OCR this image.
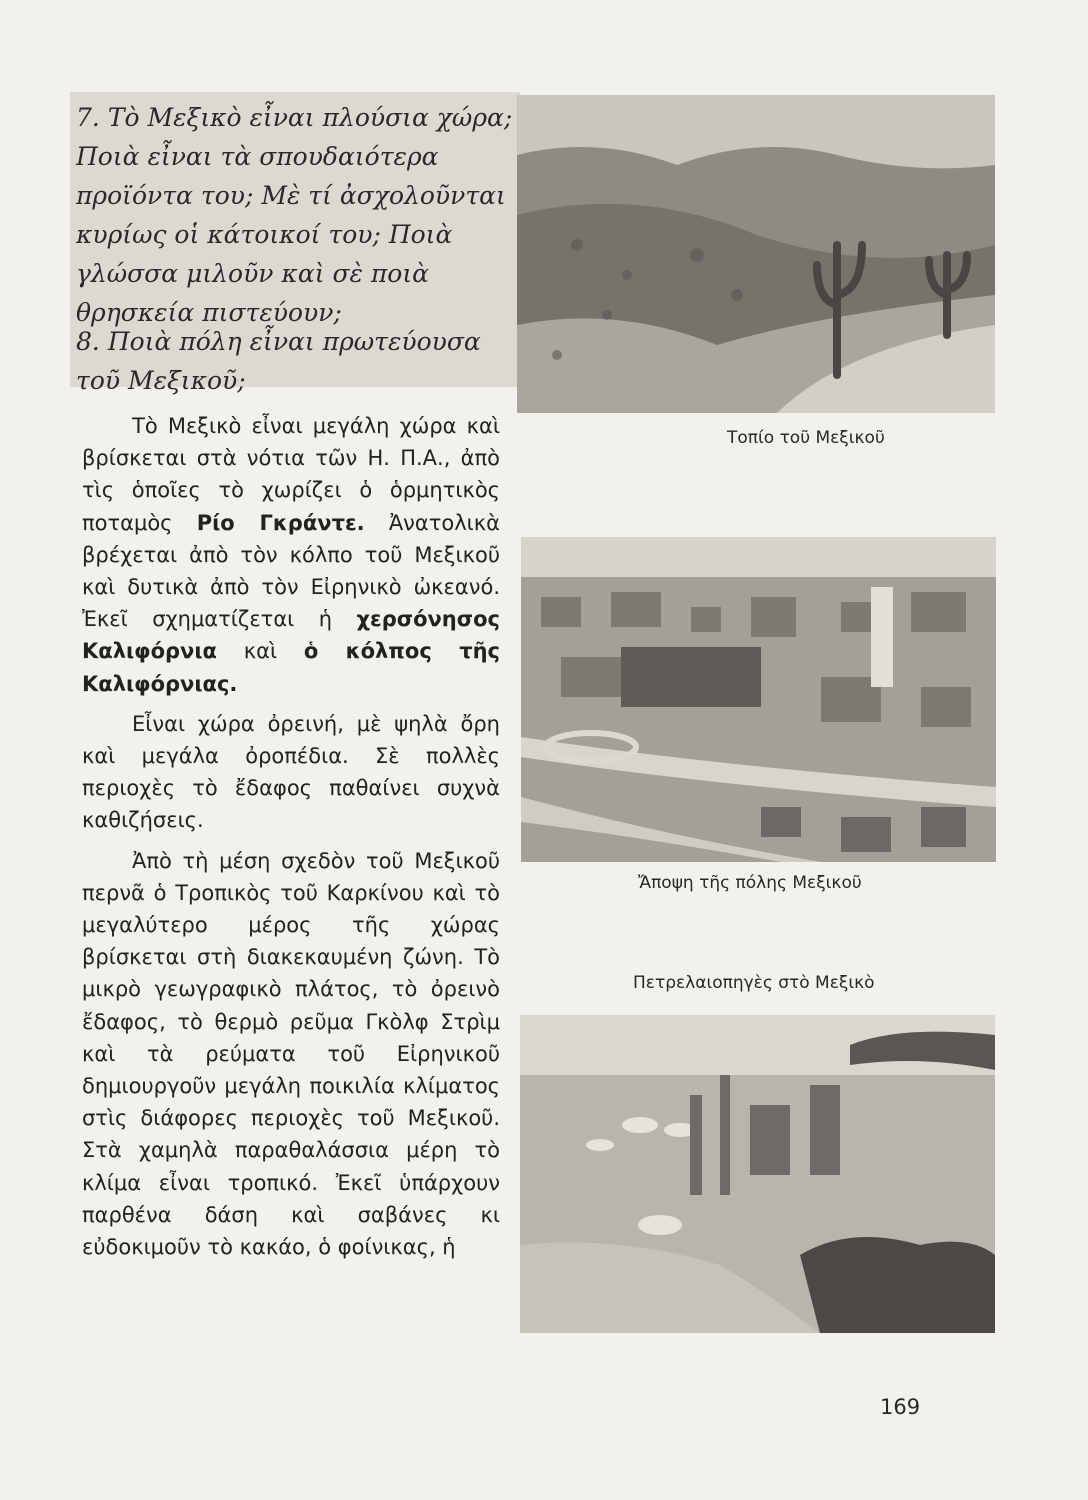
7. Τὸ Μεξικὸ εἶναι πλούσια χώρα; Ποιὰ εἶναι τὰ σπουδαιότερα προϊόντα του; Μὲ τί ἀσχολοῦνται κυρίως οἱ κάτοικοί του; Ποιὰ γλώσσα μιλοῦν καὶ σὲ ποιὰ θρησκεία πιστεύουν;
8. Ποιὰ πόλη εἶναι πρωτεύουσα τοῦ Μεξικοῦ;

Τὸ Μεξικὸ εἶναι μεγάλη χώρα καὶ βρίσκεται στὰ νότια τῶν Η. Π.Α., ἀπὸ τὶς ὁποῖες τὸ χωρίζει ὁ ὁρμητικὸς ποταμὸς Ρίο Γκράντε. Ἀνατολικὰ βρέχεται ἀπὸ τὸν κόλπο τοῦ Μεξικοῦ καὶ δυτικὰ ἀπὸ τὸν Εἰρηνικὸ ὠκεανό. Ἐκεῖ σχηματίζεται ἡ χερσόνησος Καλιφόρνια καὶ ὁ κόλπος τῆς Καλιφόρνιας.

Εἶναι χώρα ὀρεινή, μὲ ψηλὰ ὄρη καὶ μεγάλα ὀροπέδια. Σὲ πολλὲς περιοχὲς τὸ ἔδαφος παθαίνει συχνὰ καθιζήσεις.

Ἀπὸ τὴ μέση σχεδὸν τοῦ Μεξικοῦ περνᾶ ὁ Τροπικὸς τοῦ Καρκίνου καὶ τὸ μεγαλύτερο μέρος τῆς χώρας βρίσκεται στὴ διακεκαυμένη ζώνη. Τὸ μικρὸ γεωγραφικὸ πλάτος, τὸ ὀρεινὸ ἔδαφος, τὸ θερμὸ ρεῦμα Γκὸλφ Στρὶμ καὶ τὰ ρεύματα τοῦ Εἰρηνικοῦ δημιουργοῦν μεγάλη ποικιλία κλίματος στὶς διάφορες περιοχὲς τοῦ Μεξικοῦ. Στὰ χαμηλὰ παραθαλάσσια μέρη τὸ κλίμα εἶναι τροπικό. Ἐκεῖ ὑπάρχουν παρθένα δάση καὶ σαβάνες κι εὐδοκιμοῦν τὸ κακάο, ὁ φοίνικας, ἡ

Τοπίο τοῦ Μεξικοῦ
Ἄποψη τῆς πόλης Μεξικοῦ
Πετρελαιοπηγὲς στὸ Μεξικὸ
169
